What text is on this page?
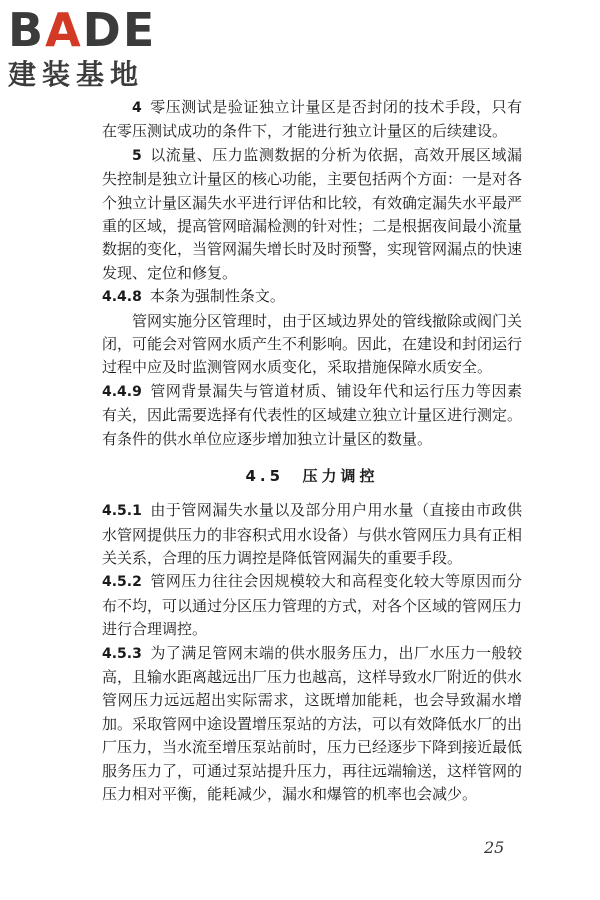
BADE
建装基地

4 零压测试是验证独立计量区是否封闭的技术手段，只有在零压测试成功的条件下，才能进行独立计量区的后续建设。

5 以流量、压力监测数据的分析为依据，高效开展区域漏失控制是独立计量区的核心功能，主要包括两个方面：一是对各个独立计量区漏失水平进行评估和比较，有效确定漏失水平最严重的区域，提高管网暗漏检测的针对性；二是根据夜间最小流量数据的变化，当管网漏失增长时及时预警，实现管网漏点的快速发现、定位和修复。

4.4.8 本条为强制性条文。

管网实施分区管理时，由于区域边界处的管线撤除或阀门关闭，可能会对管网水质产生不利影响。因此，在建设和封闭运行过程中应及时监测管网水质变化，采取措施保障水质安全。

4.4.9 管网背景漏失与管道材质、铺设年代和运行压力等因素有关，因此需要选择有代表性的区域建立独立计量区进行测定。有条件的供水单位应逐步增加独立计量区的数量。

4.5 压力调控

4.5.1 由于管网漏失水量以及部分用户用水量（直接由市政供水管网提供压力的非容积式用水设备）与供水管网压力具有正相关关系，合理的压力调控是降低管网漏失的重要手段。

4.5.2 管网压力往往会因规模较大和高程变化较大等原因而分布不均，可以通过分区压力管理的方式，对各个区域的管网压力进行合理调控。

4.5.3 为了满足管网末端的供水服务压力，出厂水压力一般较高，且输水距离越远出厂压力也越高，这样导致水厂附近的供水管网压力远远超出实际需求，这既增加能耗，也会导致漏水增加。采取管网中途设置增压泵站的方法，可以有效降低水厂的出厂压力，当水流至增压泵站前时，压力已经逐步下降到接近最低服务压力了，可通过泵站提升压力，再往远端输送，这样管网的压力相对平衡，能耗减少，漏水和爆管的机率也会减少。

25
